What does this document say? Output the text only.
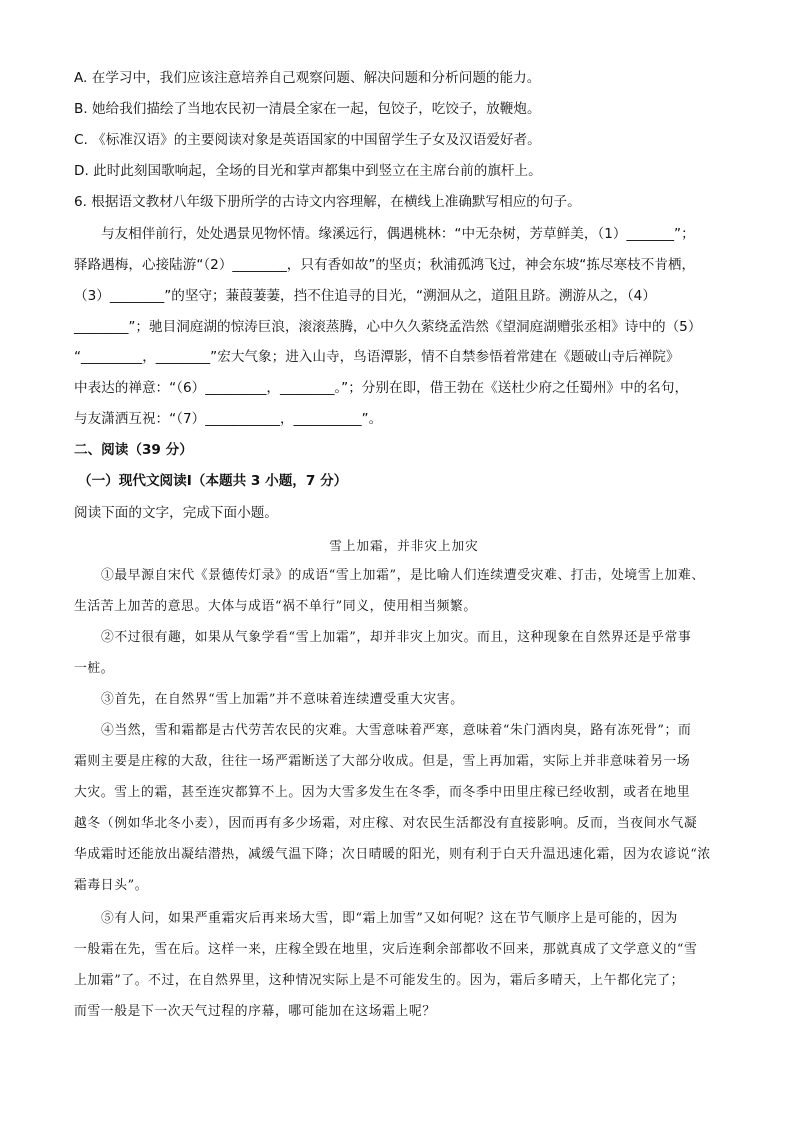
A. 在学习中，我们应该注意培养自己观察问题、解决问题和分析问题的能力。
B. 她给我们描绘了当地农民初一清晨全家在一起，包饺子，吃饺子，放鞭炮。
C. 《标准汉语》的主要阅读对象是英语国家的中国留学生子女及汉语爱好者。
D. 此时此刻国歌响起，全场的目光和掌声都集中到竖立在主席台前的旗杆上。
6. 根据语文教材八年级下册所学的古诗文内容理解，在横线上准确默写相应的句子。
与友相伴前行，处处遇景见物怀情。缘溪远行，偶遇桃林：“中无杂树，芳草鲜美，（1）_______”；
驿路遇梅，心接陆游“（2）________，只有香如故”的坚贞；秋浦孤鸿飞过，神会东坡“拣尽寒枝不肯栖，
（3）________”的坚守；蒹葭萋萋，挡不住追寻的目光，“溯洄从之，道阻且跻。溯游从之，（4）
________”；驰目洞庭湖的惊涛巨浪，滚滚蒸腾，心中久久萦绕孟浩然《望洞庭湖赠张丞相》诗中的（5）
“_________，________”宏大气象；进入山寺，鸟语潭影，情不自禁参悟着常建在《题破山寺后禅院》
中表达的禅意：“（6）_________，________。”；分别在即，借王勃在《送杜少府之任蜀州》中的名句，
与友潇洒互祝：“（7）___________，__________”。
二、阅读（39 分）
（一）现代文阅读Ⅰ（本题共 3 小题，7 分）
阅读下面的文字，完成下面小题。
雪上加霜，并非灾上加灾
①最早源自宋代《景德传灯录》的成语“雪上加霜”，是比喻人们连续遭受灾难、打击，处境雪上加难、
生活苦上加苦的意思。大体与成语“祸不单行”同义，使用相当频繁。
②不过很有趣，如果从气象学看“雪上加霜”，却并非灾上加灾。而且，这种现象在自然界还是乎常事
一桩。
③首先，在自然界“雪上加霜”并不意味着连续遭受重大灾害。
④当然，雪和霜都是古代劳苦农民的灾难。大雪意味着严寒，意味着“朱门酒肉臭，路有冻死骨”；而
霜则主要是庄稼的大敌，往往一场严霜断送了大部分收成。但是，雪上再加霜，实际上并非意味着另一场
大灾。雪上的霜，甚至连灾都算不上。因为大雪多发生在冬季，而冬季中田里庄稼已经收割，或者在地里
越冬（例如华北冬小麦），因而再有多少场霜，对庄稼、对农民生活都没有直接影响。反而，当夜间水气凝
华成霜时还能放出凝结潜热，减缓气温下降；次日晴暖的阳光，则有利于白天升温迅速化霜，因为农谚说“浓
霜毒日头”。
⑤有人问，如果严重霜灾后再来场大雪，即“霜上加雪”又如何呢？这在节气顺序上是可能的，因为
一般霜在先，雪在后。这样一来，庄稼全毁在地里，灾后连剩余部都收不回来，那就真成了文学意义的“雪
上加霜”了。不过，在自然界里，这种情况实际上是不可能发生的。因为，霜后多晴天，上午都化完了；
而雪一般是下一次天气过程的序幕，哪可能加在这场霜上呢？
